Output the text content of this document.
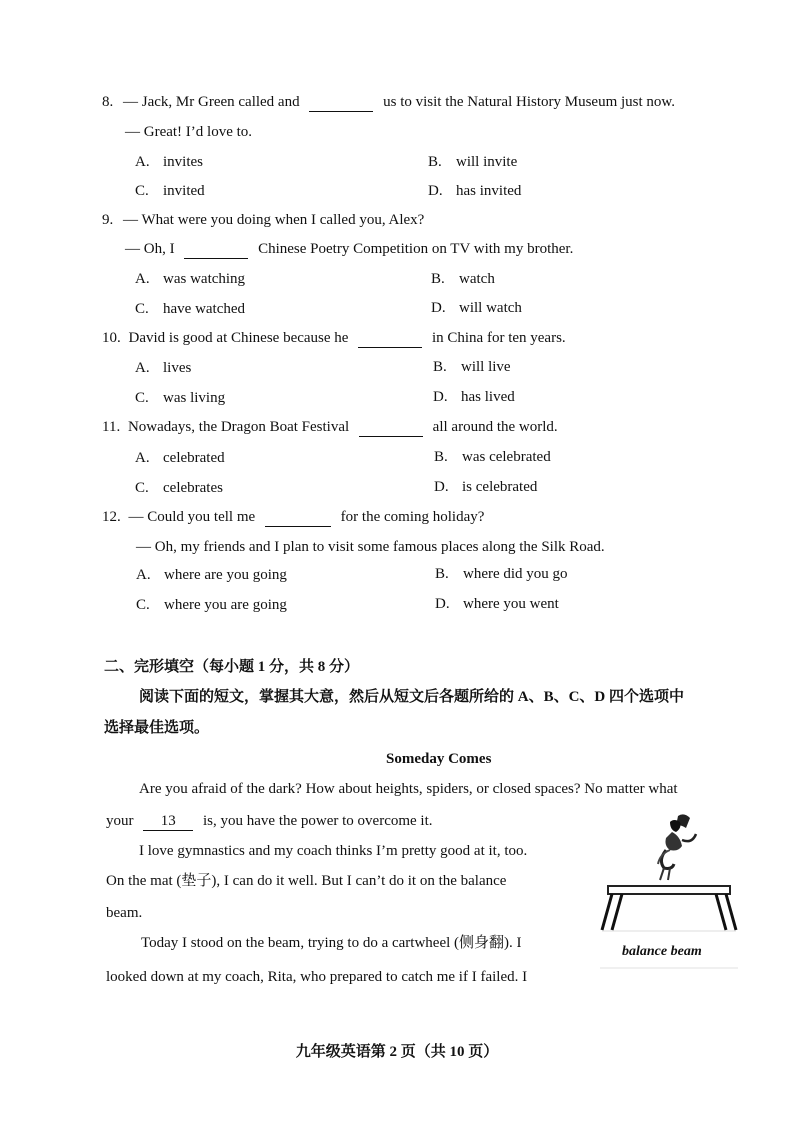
8. — Jack, Mr Green called and	us to visit the Natural History Museum just now.
— Great! I’d love to.
A. invites	B. will invite
C. invited	D. has invited
9. — What were you doing when I called you, Alex?
— Oh, I	Chinese Poetry Competition on TV with my brother.
A. was watching	B. watch
C. have watched	D. will watch
10. David is good at Chinese because he	in China for ten years.
A. lives	B. will live
C. was living	D. has lived
11. Nowadays, the Dragon Boat Festival	all around the world.
A. celebrated	B. was celebrated
C. celebrates	D. is celebrated
12. — Could you tell me	for the coming holiday?
— Oh, my friends and I plan to visit some famous places along the Silk Road.
A. where are you going	B. where did you go
C. where you are going	D. where you went
二、完形填空（每小题 1 分，共 8 分）
阅读下面的短文，掌握其大意，然后从短文后各题所给的 A、B、C、D 四个选项中
选择最佳选项。
Someday Comes
Are you afraid of the dark? How about heights, spiders, or closed spaces? No matter what
your 13 is, you have the power to overcome it.
I love gymnastics and my coach thinks I’m pretty good at it, too.
On the mat (垫子), I can do it well. But I can’t do it on the balance
beam.
Today I stood on the beam, trying to do a cartwheel (侧身翻). I
looked down at my coach, Rita, who prepared to catch me if I failed. I
balance beam
九年级英语第 2 页（共 10 页）
